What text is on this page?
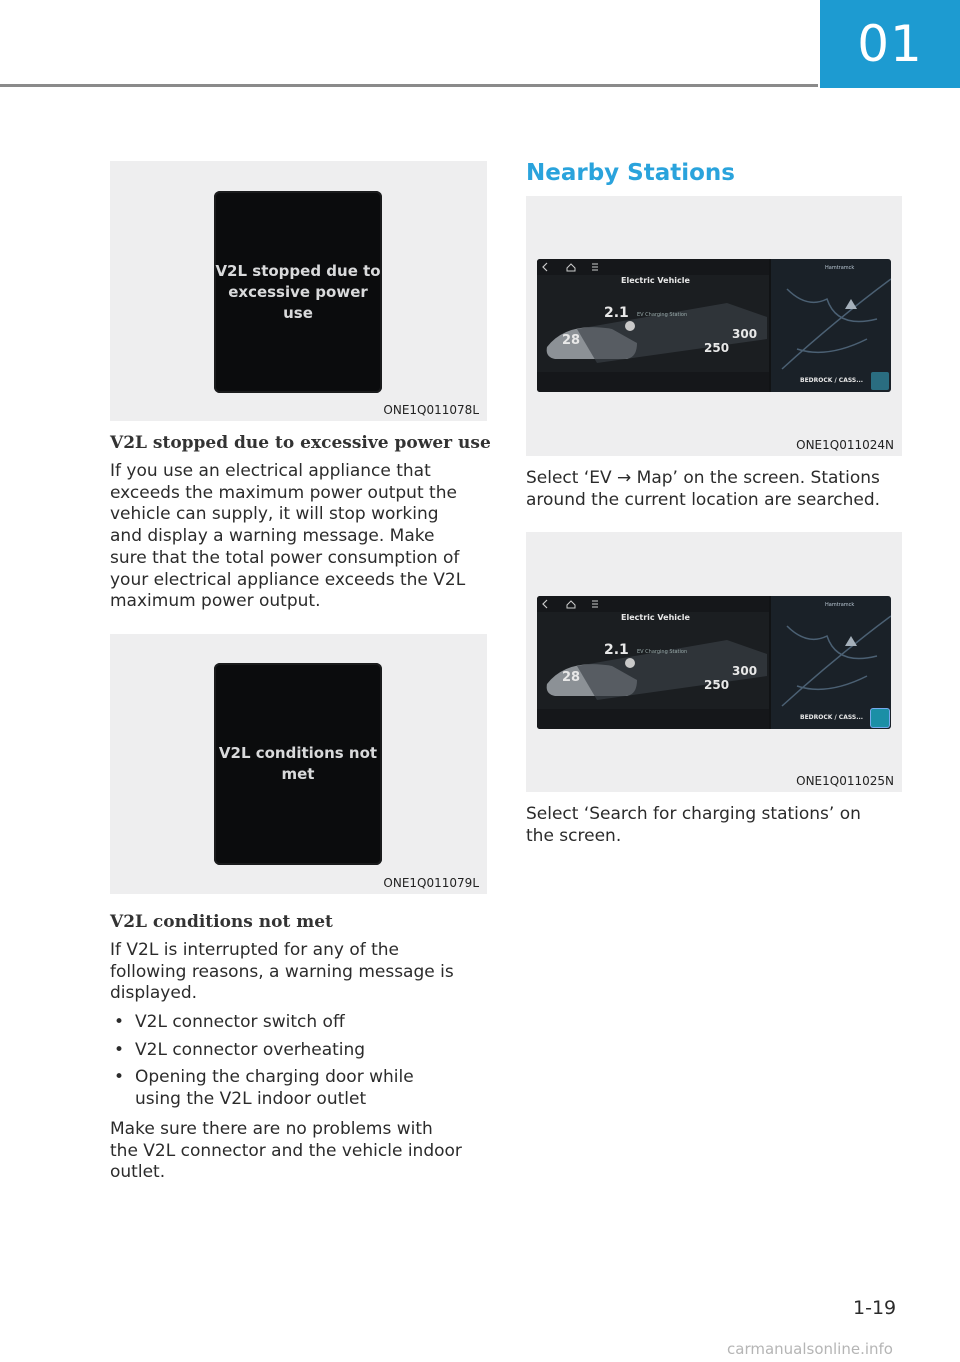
01
V2L stopped due to
excessive power use
ONE1Q011078L
V2L stopped due to excessive power use
If you use an electrical appliance that
exceeds the maximum power output the
vehicle can supply, it will stop working
and display a warning message. Make
sure that the total power consumption of
your electrical appliance exceeds the V2L
maximum power output.
V2L conditions not met
ONE1Q011079L
V2L conditions not met
If V2L is interrupted for any of the
following reasons, a warning message is
displayed.
• V2L connector switch off
• V2L connector overheating
• Opening the charging door while
using the V2L indoor outlet
Make sure there are no problems with
the V2L connector and the vehicle indoor
outlet.
Nearby Stations
Hamtramck
Electric Vehicle
2.1 EV Charging Station
28	250
300
BEDROCK / CASS...
ONE1Q011024N
Select ‘EV → Map’ on the screen. Stations
around the current location are searched.
Hamtramck
Electric Vehicle
2.1 EV Charging Station
28	250
300
BEDROCK / CASS...
ONE1Q011025N
Select ‘Search for charging stations’ on
the screen.
1-19
carmanualsonline.info
